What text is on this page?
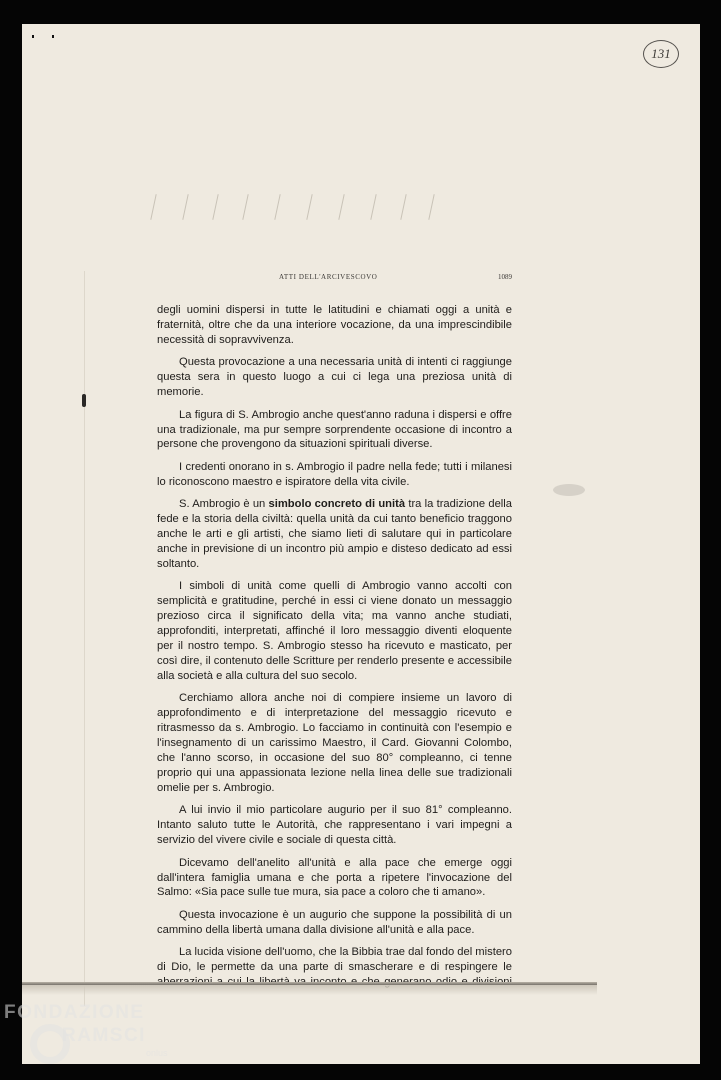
131
ATTI DELL'ARCIVESCOVO	1089

degli uomini dispersi in tutte le latitudini e chiamati oggi a unità e fraternità, oltre che da una interiore vocazione, da una imprescindibile necessità di sopravvivenza.

Questa provocazione a una necessaria unità di intenti ci raggiunge questa sera in questo luogo a cui ci lega una preziosa unità di memorie.

La figura di S. Ambrogio anche quest'anno raduna i dispersi e offre una tradizionale, ma pur sempre sorprendente occasione di incontro a persone che provengono da situazioni spirituali diverse.

I credenti onorano in s. Ambrogio il padre nella fede; tutti i milanesi lo riconoscono maestro e ispiratore della vita civile.

S. Ambrogio è un simbolo concreto di unità tra la tradizione della fede e la storia della civiltà: quella unità da cui tanto beneficio traggono anche le arti e gli artisti, che siamo lieti di salutare qui in particolare anche in previsione di un incontro più ampio e disteso dedicato ad essi soltanto.

I simboli di unità come quelli di Ambrogio vanno accolti con semplicità e gratitudine, perché in essi ci viene donato un messaggio prezioso circa il significato della vita; ma vanno anche studiati, approfonditi, interpretati, affinché il loro messaggio diventi eloquente per il nostro tempo. S. Ambrogio stesso ha ricevuto e masticato, per così dire, il contenuto delle Scritture per renderlo presente e accessibile alla società e alla cultura del suo secolo.

Cerchiamo allora anche noi di compiere insieme un lavoro di approfondimento e di interpretazione del messaggio ricevuto e ritrasmesso da s. Ambrogio. Lo facciamo in continuità con l'esempio e l'insegnamento di un carissimo Maestro, il Card. Giovanni Colombo, che l'anno scorso, in occasione del suo 80° compleanno, ci tenne proprio qui una appassionata lezione nella linea delle sue tradizionali omelie per s. Ambrogio.

A lui invio il mio particolare augurio per il suo 81° compleanno. Intanto saluto tutte le Autorità, che rappresentano i vari impegni a servizio del vivere civile e sociale di questa città.

Dicevamo dell'anelito all'unità e alla pace che emerge oggi dall'intera famiglia umana e che porta a ripetere l'invocazione del Salmo: «Sia pace sulle tue mura, sia pace a coloro che ti amano».

Questa invocazione è un augurio che suppone la possibilità di un cammino della libertà umana dalla divisione all'unità e alla pace.

La lucida visione dell'uomo, che la Bibbia trae dal fondo del mistero di Dio, le permette da una parte di smascherare e di respingere le

FONDAZIONE
RAMSCI
onlus
